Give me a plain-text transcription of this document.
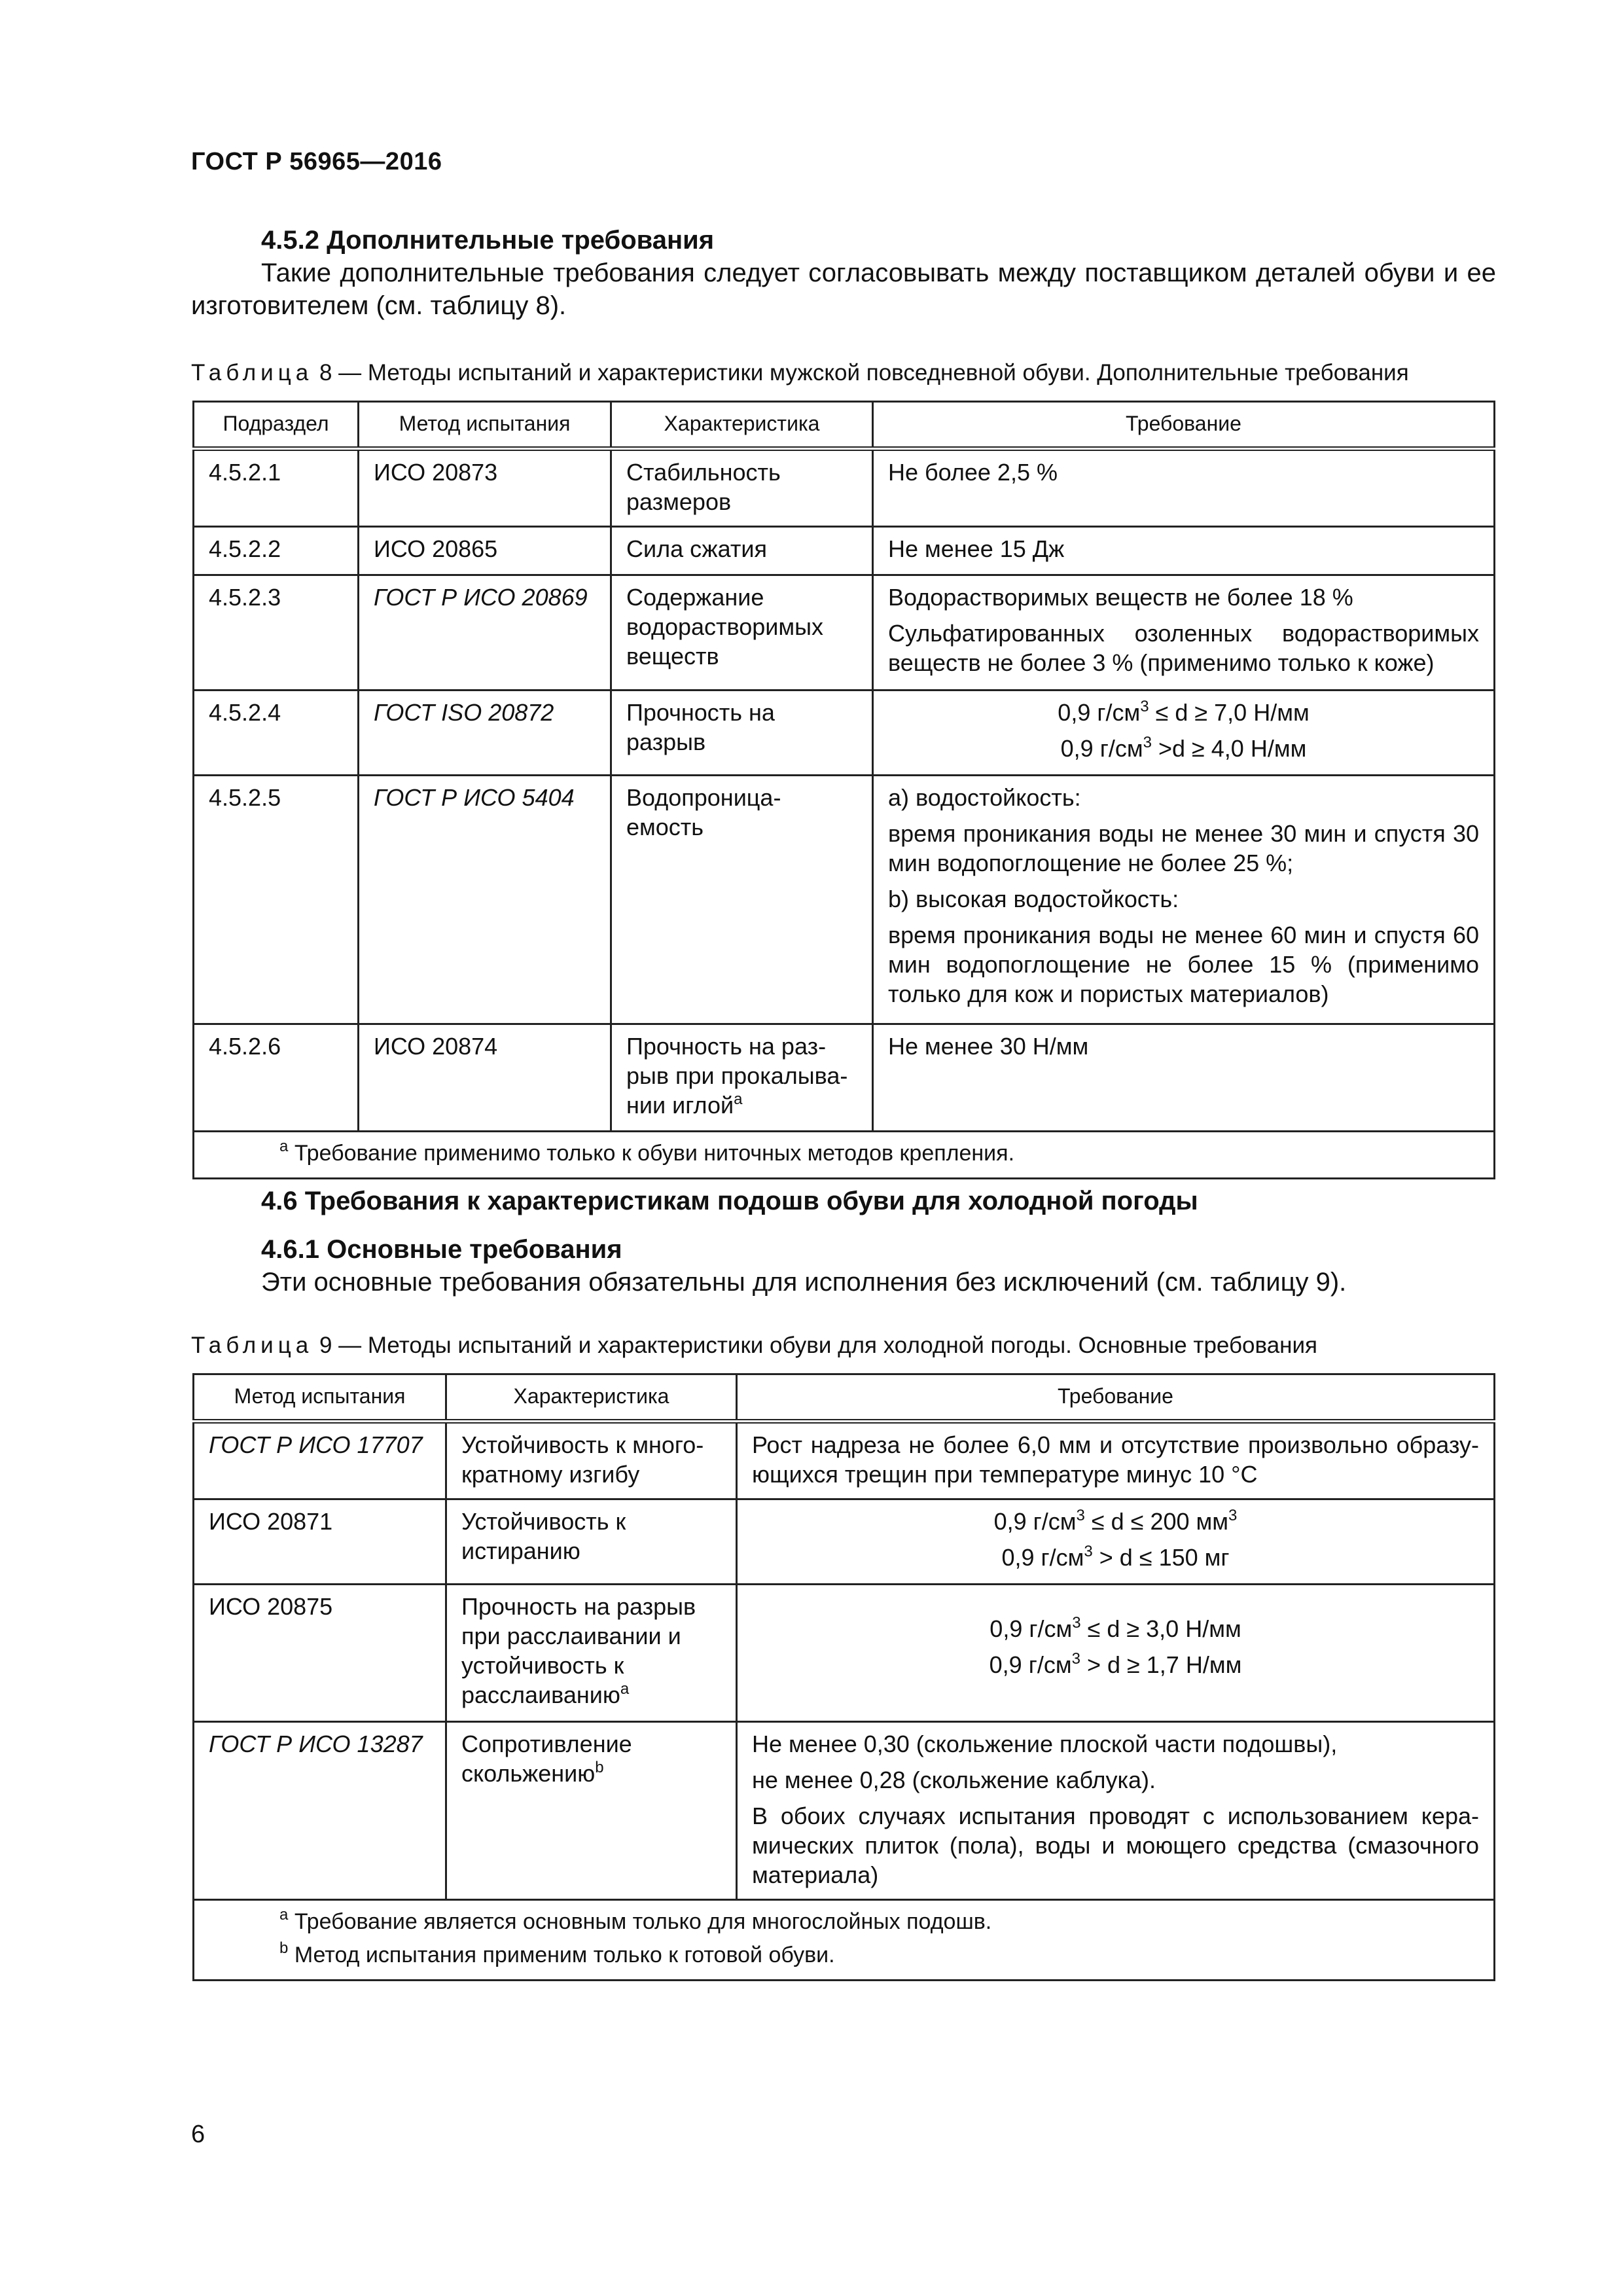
ГОСТ Р 56965—2016
4.5.2 Дополнительные требования
Такие дополнительные требования следует согласовывать между поставщиком деталей обуви и ее изготовителем (см. таблицу 8).
Таблица 8 — Методы испытаний и характеристики мужской повседневной обуви. Дополнительные требования
Подраздел	Метод испытания	Характеристика	Требование
4.5.2.1	ИСО 20873	Стабильность размеров	Не более 2,5 %

4.5.2.2	ИСО 20865	Сила сжатия	Не менее 15 Дж

4.5.2.3	ГОСТ Р ИСО 20869	Содержание водорастворимых веществ	Водорастворимых веществ не более 18 %
Сульфатированных озоленных водорастворимых веществ не более 3 % (применимо только к коже)

4.5.2.4	ГОСТ ISO 20872	Прочность на разрыв	0,9 $г/см^3 \le d \ge 7,0$ Н/мм
0,9 $г/см^3 >d \ge 4,0$ Н/мм

4.5.2.5	ГОСТ Р ИСО 5404	Водопроница-емость	а) водостойкость:
время проникания воды не менее 30 мин и спустя 30 мин водопоглощение не более 25 %;
b) высокая водостойкость:
время проникания воды не менее 60 мин и спустя 60 мин водопоглощение не более 15 % (применимо только для кож и пористых материалов)

4.5.2.6	ИСО 20874	Прочность на раз-рыв при прокалыва-нии иглой$^a$	Не менее 30 Н/мм

$^a$ Требование применимо только к обуви ниточных методов крепления.			
4.6 Требования к характеристикам подошв обуви для холодной погоды
4.6.1 Основные требования
Эти основные требования обязательны для исполнения без исключений (см. таблицу 9).
Таблица 9 — Методы испытаний и характеристики обуви для холодной погоды. Основные требования
Метод испытания	Характеристика	Требование
ГОСТ Р ИСО 17707	Устойчивость к много-кратному изгибу	Рост надреза не более 6,0 мм и отсутствие произвольно образу-ющихся трещин при температуре минус 10 °С

ИСО 20871	Устойчивость к истиранию	0,9 $г/см^3 \le d \le 200$ $мм^3$
0,9 $г/см^3 > d \le 150$ мг

ИСО 20875	Прочность на разрыв при расслаивании и устойчивость к расслаиванию$^a$	0,9 $г/см^3 \le d \ge 3,0$ Н/мм
0,9 $г/см^3 > d \ge 1,7$ Н/мм

ГОСТ Р ИСО 13287	Сопротивление скольжению$^b$	Не менее 0,30 (скольжение плоской части подошвы),
не менее 0,28 (скольжение каблука).
В обоих случаях испытания проводят с использованием кера-мических плиток (пола), воды и моющего средства (смазочного материала)

$^a$ Требование является основным только для многослойных подошв.
$^b$ Метод испытания применим только к готовой обуви.		
6
